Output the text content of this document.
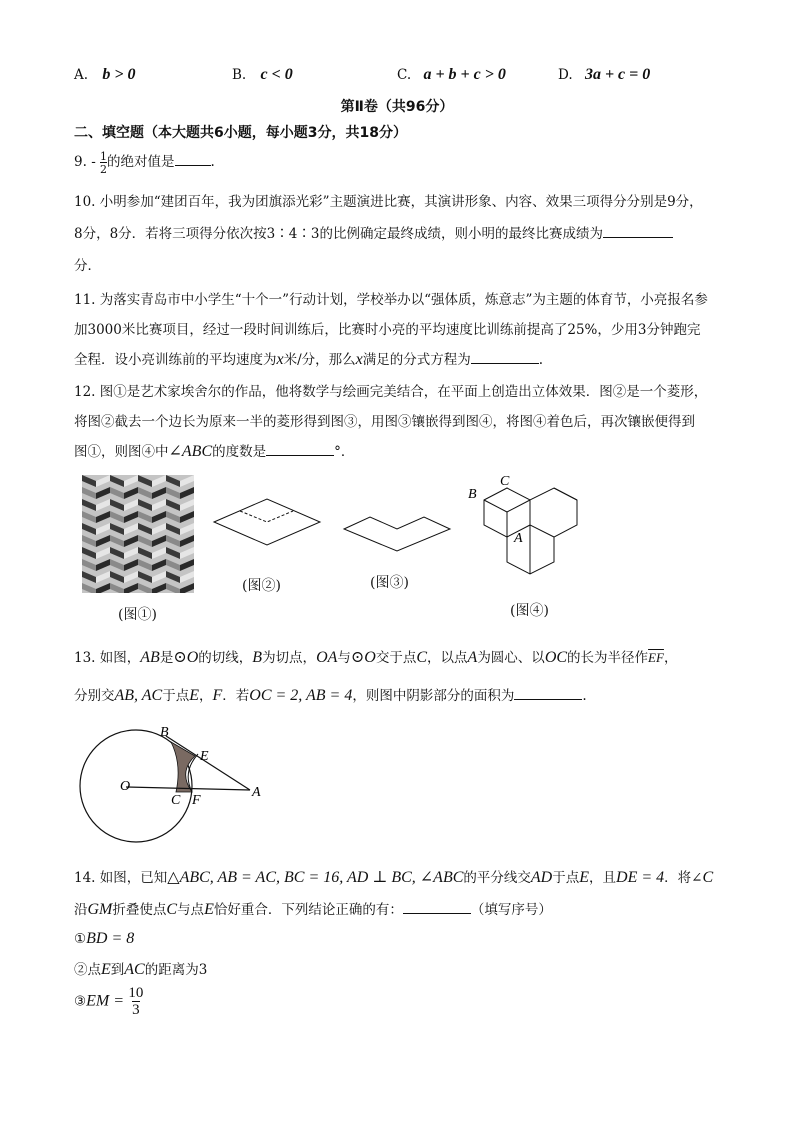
A. b > 0	B. c < 0	C. a + b + c > 0	D. 3a + c = 0
第Ⅱ卷（共96分）
二、填空题（本大题共6小题，每小题3分，共18分）
9. - $\frac{1}{2}$ 的绝对值是	.
10. 小明参加“建团百年，我为团旗添光彩”主题演进比赛，其演讲形象、内容、效果三项得分分别是9分，
8分，8分．若将三项得分依次按3∶4∶3的比例确定最终成绩，则小明的最终比赛成绩为
分．
11. 为落实青岛市中小学生“十个一”行动计划，学校举办以“强体质，炼意志”为主题的体育节，小亮报名参
加3000米比赛项目，经过一段时间训练后，比赛时小亮的平均速度比训练前提高了25%，少用3分钟跑完
全程．设小亮训练前的平均速度为x米/分，那么x满足的分式方程为	.
12. 图①是艺术家埃舍尔的作品，他将数学与绘画完美结合，在平面上创造出立体效果．图②是一个菱形，
将图②截去一个边长为原来一半的菱形得到图③，用图③镶嵌得到图④，将图④着色后，再次镶嵌便得到
图①，则图④中∠ABC的度数是	°．
(图①)
(图②)	(图③)
B
C
A
(图④)
13. 如图，AB是⊙O的切线，B为切点，OA与⊙O交于点C，以点A为圆心、以OC的长为半径作$\overline{EF}$，
分别交AB, AC于点E，F．若OC = 2, AB = 4，则图中阴影部分的面积为	.
B
E
O
C F
A
14. 如图，已知△ABC, AB = AC, BC = 16, AD ⊥ BC, ∠ABC的平分线交AD于点E，且DE = 4．将∠C
沿GM折叠使点C与点E恰好重合．下列结论正确的有：	（填写序号）
①BD = 8
②点E到AC的距离为3
③EM = $\frac{10}{3}$
